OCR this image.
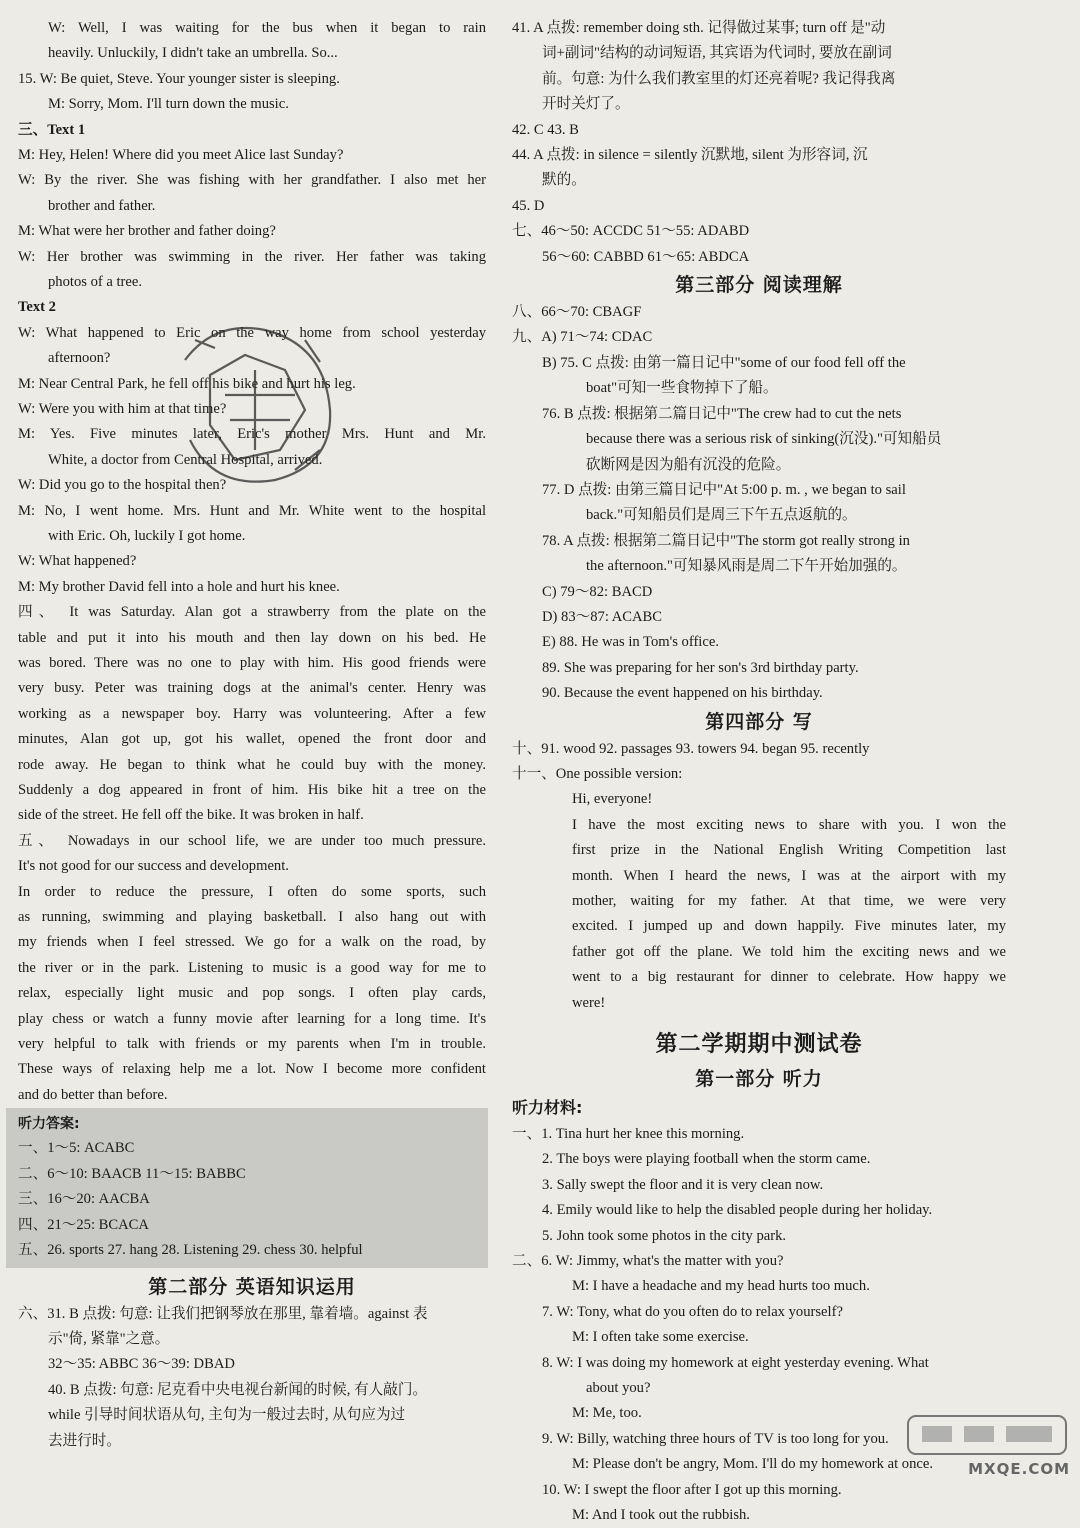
W: Well, I was waiting for the bus when it began to rain
heavily. Unluckily, I didn't take an umbrella. So...
15. W: Be quiet, Steve. Your younger sister is sleeping.
M: Sorry, Mom. I'll turn down the music.
三、Text 1
M: Hey, Helen! Where did you meet Alice last Sunday?
W: By the river. She was fishing with her grandfather. I also met her
brother and father.
M: What were her brother and father doing?
W: Her brother was swimming in the river. Her father was taking
photos of a tree.
Text 2
W: What happened to Eric on the way home from school yesterday
afternoon?
M: Near Central Park, he fell off his bike and hurt his leg.
W: Were you with him at that time?
M: Yes. Five minutes later, Eric's mother Mrs. Hunt and Mr.
White, a doctor from Central Hospital, arrived.
W: Did you go to the hospital then?
M: No, I went home. Mrs. Hunt and Mr. White went to the hospital
with Eric. Oh, luckily I got home.
W: What happened?
M: My brother David fell into a hole and hurt his knee.
四、 It was Saturday. Alan got a strawberry from the plate on the
table and put it into his mouth and then lay down on his bed. He
was bored. There was no one to play with him. His good friends were
very busy. Peter was training dogs at the animal's center. Henry was
working as a newspaper boy. Harry was volunteering. After a few
minutes, Alan got up, got his wallet, opened the front door and
rode away. He began to think what he could buy with the money.
Suddenly a dog appeared in front of him. His bike hit a tree on the
side of the street. He fell off the bike. It was broken in half.
五、 Nowadays in our school life, we are under too much pressure.
It's not good for our success and development.
In order to reduce the pressure, I often do some sports, such
as running, swimming and playing basketball. I also hang out with
my friends when I feel stressed. We go for a walk on the road, by
the river or in the park. Listening to music is a good way for me to
relax, especially light music and pop songs. I often play cards,
play chess or watch a funny movie after learning for a long time. It's
very helpful to talk with friends or my parents when I'm in trouble.
These ways of relaxing help me a lot. Now I become more confident
and do better than before.
听力答案:
一、1～5: ACABC
二、6～10: BAACB 11～15: BABBC
三、16～20: AACBA
四、21～25: BCACA
五、26. sports 27. hang 28. Listening 29. chess 30. helpful
第二部分 英语知识运用
六、31. B 点拨: 句意: 让我们把钢琴放在那里, 靠着墙。against 表
示"倚, 紧靠"之意。
32～35: ABBC 36～39: DBAD
40. B 点拨: 句意: 尼克看中央电视台新闻的时候, 有人敲门。
while 引导时间状语从句, 主句为一般过去时, 从句应为过
去进行时。
41. A 点拨: remember doing sth. 记得做过某事; turn off 是"动
词+副词"结构的动词短语, 其宾语为代词时, 要放在副词
前。句意: 为什么我们教室里的灯还亮着呢? 我记得我离
开时关灯了。
42. C 43. B
44. A 点拨: in silence = silently 沉默地, silent 为形容词, 沉
默的。
45. D
七、46～50: ACCDC 51～55: ADABD
56～60: CABBD 61～65: ABDCA
第三部分 阅读理解
八、66～70: CBAGF
九、A) 71～74: CDAC
B) 75. C 点拨: 由第一篇日记中"some of our food fell off the
boat"可知一些食物掉下了船。
76. B 点拨: 根据第二篇日记中"The crew had to cut the nets
because there was a serious risk of sinking(沉没)."可知船员
砍断网是因为船有沉没的危险。
77. D 点拨: 由第三篇日记中"At 5:00 p. m. , we began to sail
back."可知船员们是周三下午五点返航的。
78. A 点拨: 根据第二篇日记中"The storm got really strong in
the afternoon."可知暴风雨是周二下午开始加强的。
C) 79～82: BACD
D) 83～87: ACABC
E) 88. He was in Tom's office.
89. She was preparing for her son's 3rd birthday party.
90. Because the event happened on his birthday.
第四部分 写
十、91. wood 92. passages 93. towers 94. began 95. recently
十一、One possible version:
Hi, everyone!
I have the most exciting news to share with you. I won the
first prize in the National English Writing Competition last
month. When I heard the news, I was at the airport with my
mother, waiting for my father. At that time, we were very
excited. I jumped up and down happily. Five minutes later, my
father got off the plane. We told him the exciting news and we
went to a big restaurant for dinner to celebrate. How happy we
were!
第二学期期中测试卷
第一部分 听力
听力材料:
一、1. Tina hurt her knee this morning.
2. The boys were playing football when the storm came.
3. Sally swept the floor and it is very clean now.
4. Emily would like to help the disabled people during her holiday.
5. John took some photos in the city park.
二、6. W: Jimmy, what's the matter with you?
M: I have a headache and my head hurts too much.
7. W: Tony, what do you often do to relax yourself?
M: I often take some exercise.
8. W: I was doing my homework at eight yesterday evening. What
about you?
M: Me, too.
9. W: Billy, watching three hours of TV is too long for you.
M: Please don't be angry, Mom. I'll do my homework at once.
10. W: I swept the floor after I got up this morning.
M: And I took out the rubbish.
MXQE.COM
